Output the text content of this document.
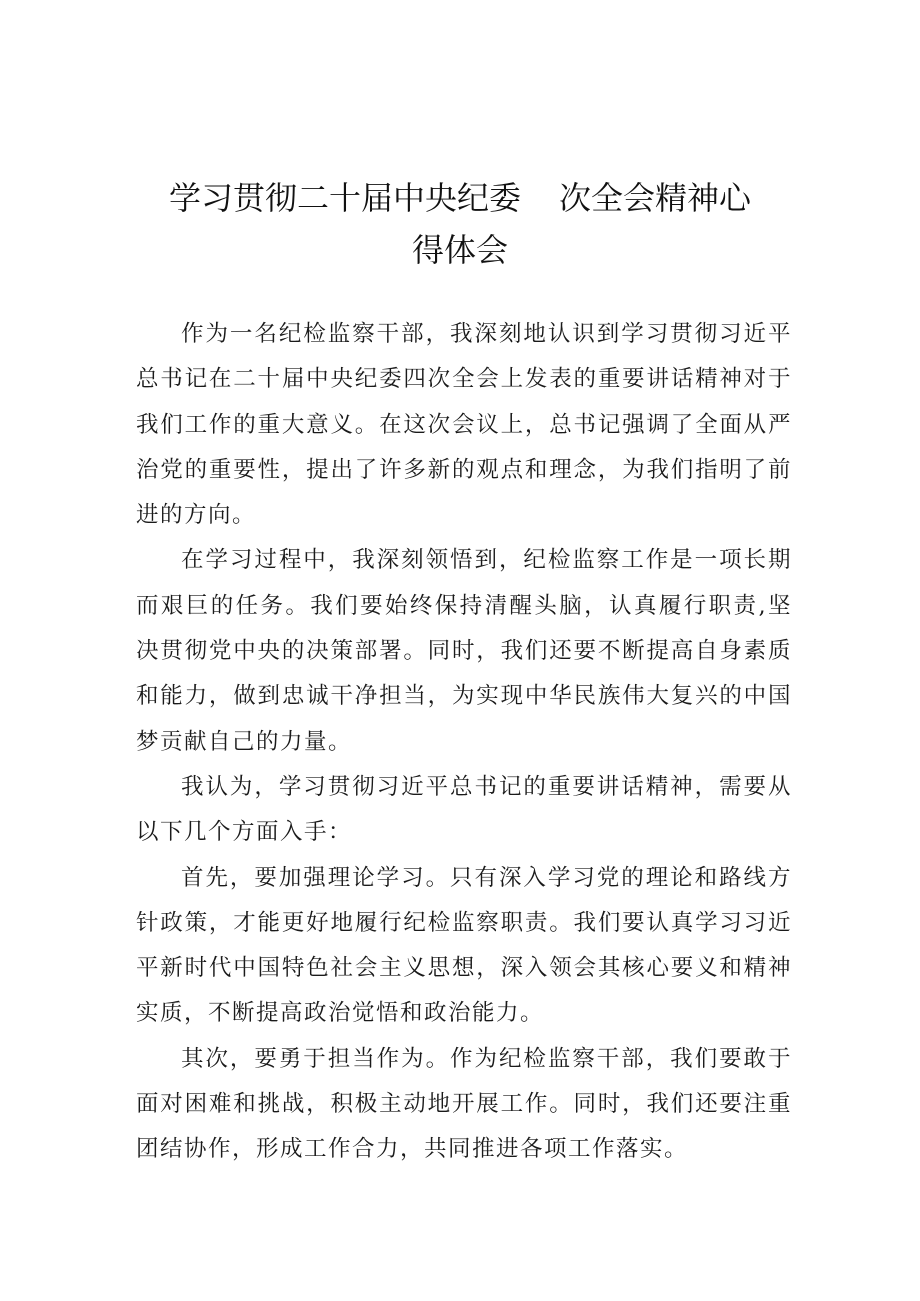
学习贯彻二十届中央纪委 次全会精神心
得体会

作为一名纪检监察干部，我深刻地认识到学习贯彻习近平总书记在二十届中央纪委四次全会上发表的重要讲话精神对于我们工作的重大意义。在这次会议上，总书记强调了全面从严治党的重要性，提出了许多新的观点和理念，为我们指明了前进的方向。

在学习过程中，我深刻领悟到，纪检监察工作是一项长期而艰巨的任务。我们要始终保持清醒头脑，认真履行职责,坚决贯彻党中央的决策部署。同时，我们还要不断提高自身素质和能力，做到忠诚干净担当，为实现中华民族伟大复兴的中国梦贡献自己的力量。

我认为，学习贯彻习近平总书记的重要讲话精神，需要从以下几个方面入手：

首先，要加强理论学习。只有深入学习党的理论和路线方针政策，才能更好地履行纪检监察职责。我们要认真学习习近平新时代中国特色社会主义思想，深入领会其核心要义和精神实质，不断提高政治觉悟和政治能力。

其次，要勇于担当作为。作为纪检监察干部，我们要敢于面对困难和挑战，积极主动地开展工作。同时，我们还要注重团结协作，形成工作合力，共同推进各项工作落实。
